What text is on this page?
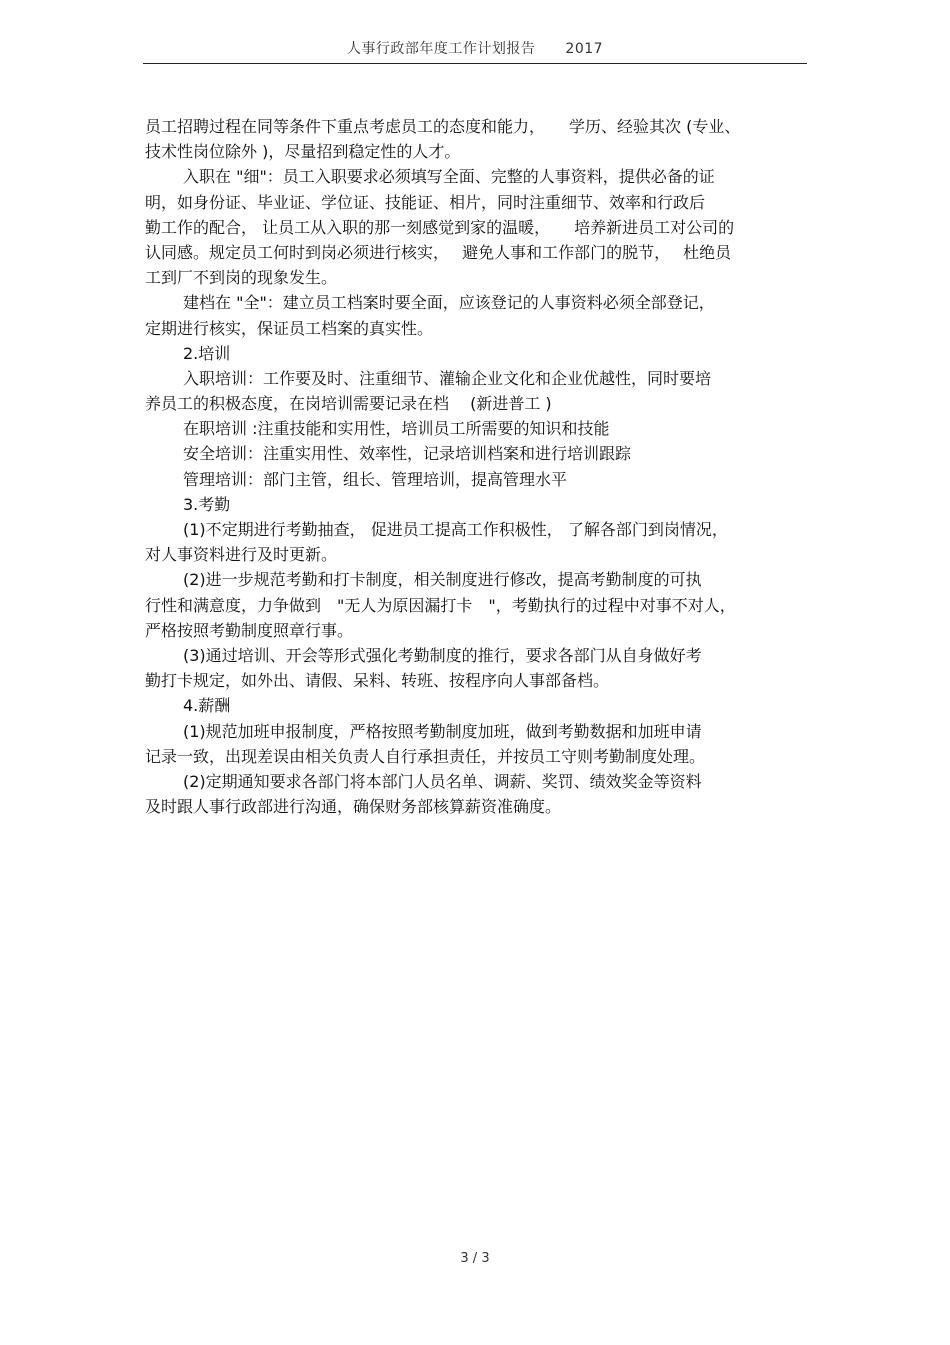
人事行政部年度工作计划报告 2017
员工招聘过程在同等条件下重点考虑员工的态度和能力，　　学历、经验其次 (专业、
技术性岗位除外 )，尽量招到稳定性的人才。
入职在 "细"：员工入职要求必须填写全面、完整的人事资料，提供必备的证
明，如身份证、毕业证、学位证、技能证、相片，同时注重细节、效率和行政后
勤工作的配合， 让员工从入职的那一刻感觉到家的温暖，　　培养新进员工对公司的
认同感。规定员工何时到岗必须进行核实，　 避免人事和工作部门的脱节，　 杜绝员
工到厂不到岗的现象发生。
建档在 "全"：建立员工档案时要全面，应该登记的人事资料必须全部登记，
定期进行核实，保证员工档案的真实性。
2.培训
入职培训：工作要及时、注重细节、灌输企业文化和企业优越性，同时要培
养员工的积极态度，在岗培训需要记录在档　 (新进普工 )
在职培训 :注重技能和实用性，培训员工所需要的知识和技能
安全培训：注重实用性、效率性，记录培训档案和进行培训跟踪
管理培训：部门主管，组长、管理培训，提高管理水平
3.考勤
(1)不定期进行考勤抽查， 促进员工提高工作积极性， 了解各部门到岗情况，
对人事资料进行及时更新。
(2)进一步规范考勤和打卡制度，相关制度进行修改，提高考勤制度的可执
行性和满意度，力争做到　"无人为原因漏打卡　"，考勤执行的过程中对事不对人，
严格按照考勤制度照章行事。
(3)通过培训、开会等形式强化考勤制度的推行，要求各部门从自身做好考
勤打卡规定，如外出、请假、呆料、转班、按程序向人事部备档。
4.薪酬
(1)规范加班申报制度，严格按照考勤制度加班，做到考勤数据和加班申请
记录一致，出现差误由相关负责人自行承担责任，并按员工守则考勤制度处理。
(2)定期通知要求各部门将本部门人员名单、调薪、奖罚、绩效奖金等资料
及时跟人事行政部进行沟通，确保财务部核算薪资准确度。
3 / 3
